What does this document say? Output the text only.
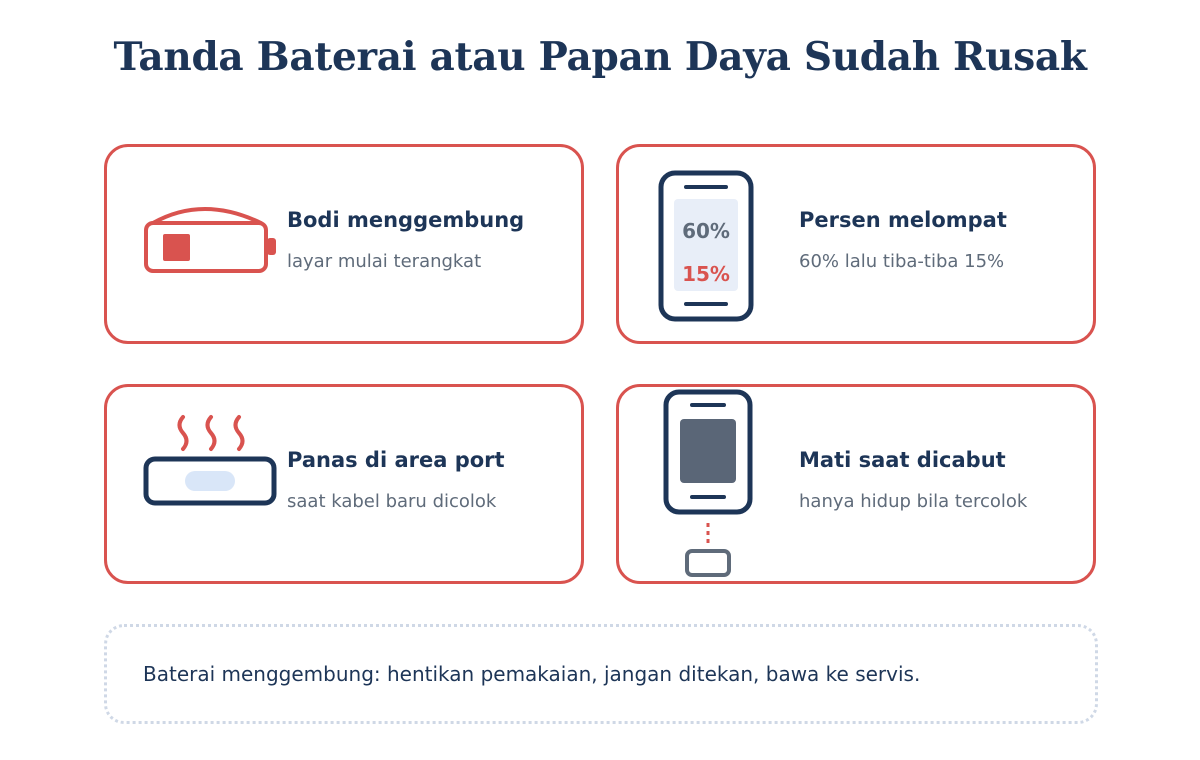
Tanda Baterai atau Papan Daya Sudah Rusak
Bodi menggembung
layar mulai terangkat
60%
15%
Persen melompat
60% lalu tiba-tiba 15%
Panas di area port
saat kabel baru dicolok
Mati saat dicabut
hanya hidup bila tercolok
Baterai menggembung: hentikan pemakaian, jangan ditekan, bawa ke servis.
